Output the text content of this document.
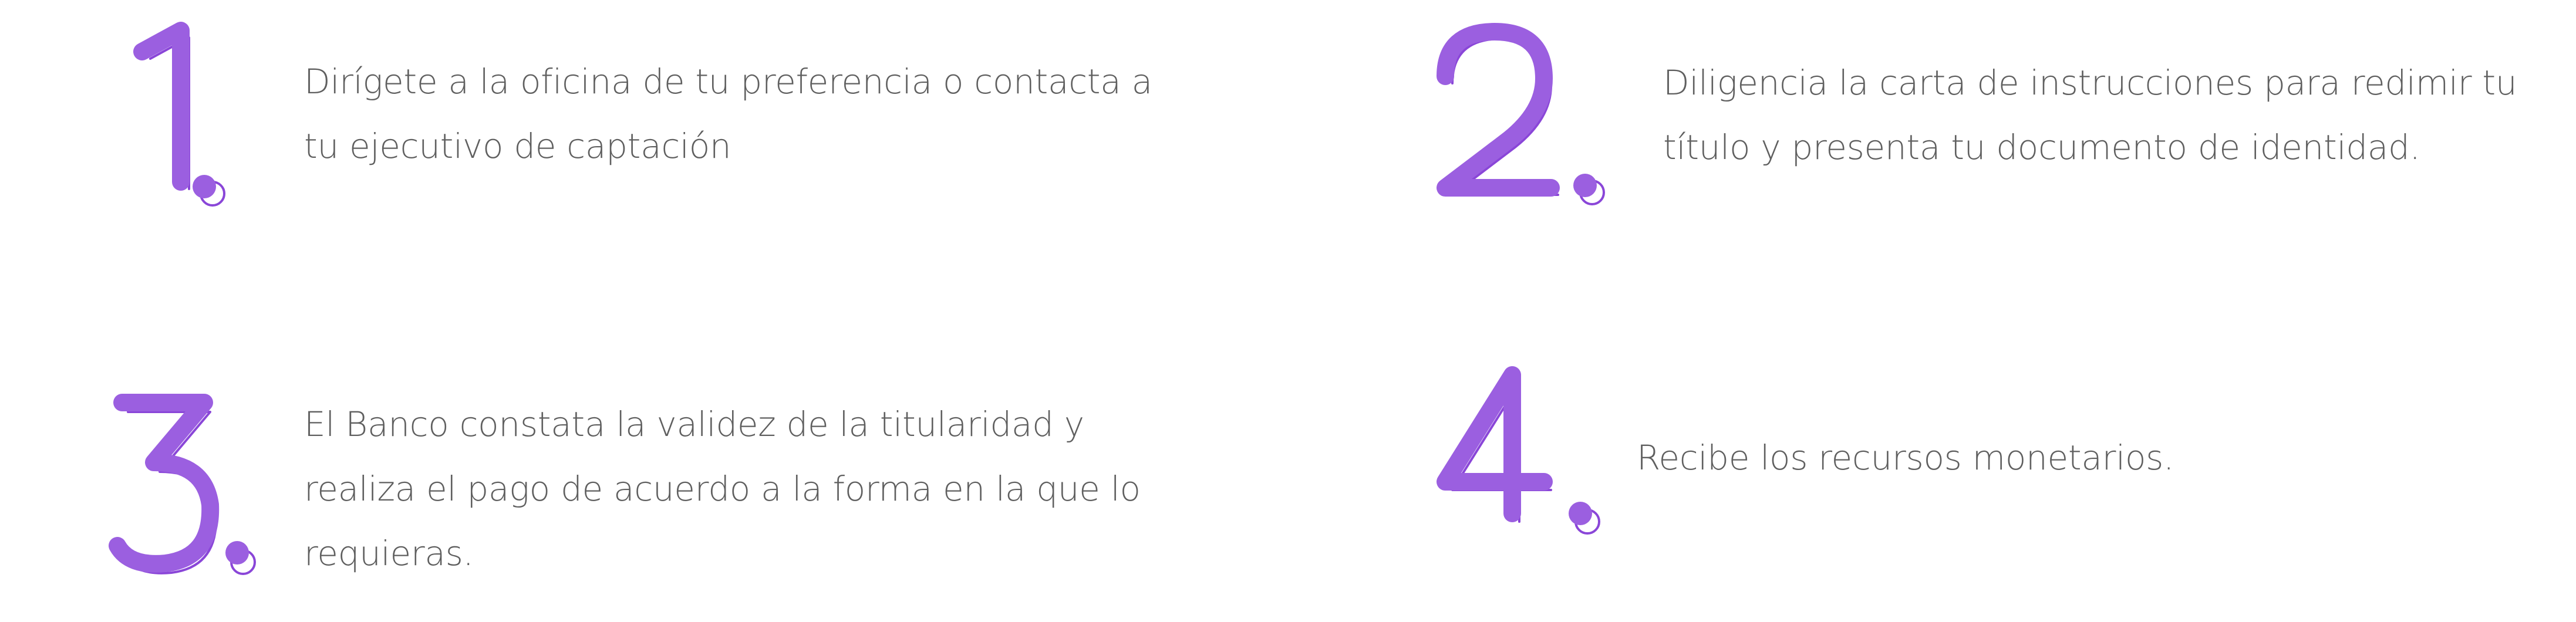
Dirígete a la oficina de tu preferencia o contacta a
tu ejecutivo de captación

Diligencia la carta de instrucciones para redimir tu
título y presenta tu documento de identidad.

El Banco constata la validez de la titularidad y
realiza el pago de acuerdo a la forma en la que lo
requieras.

Recibe los recursos monetarios.
